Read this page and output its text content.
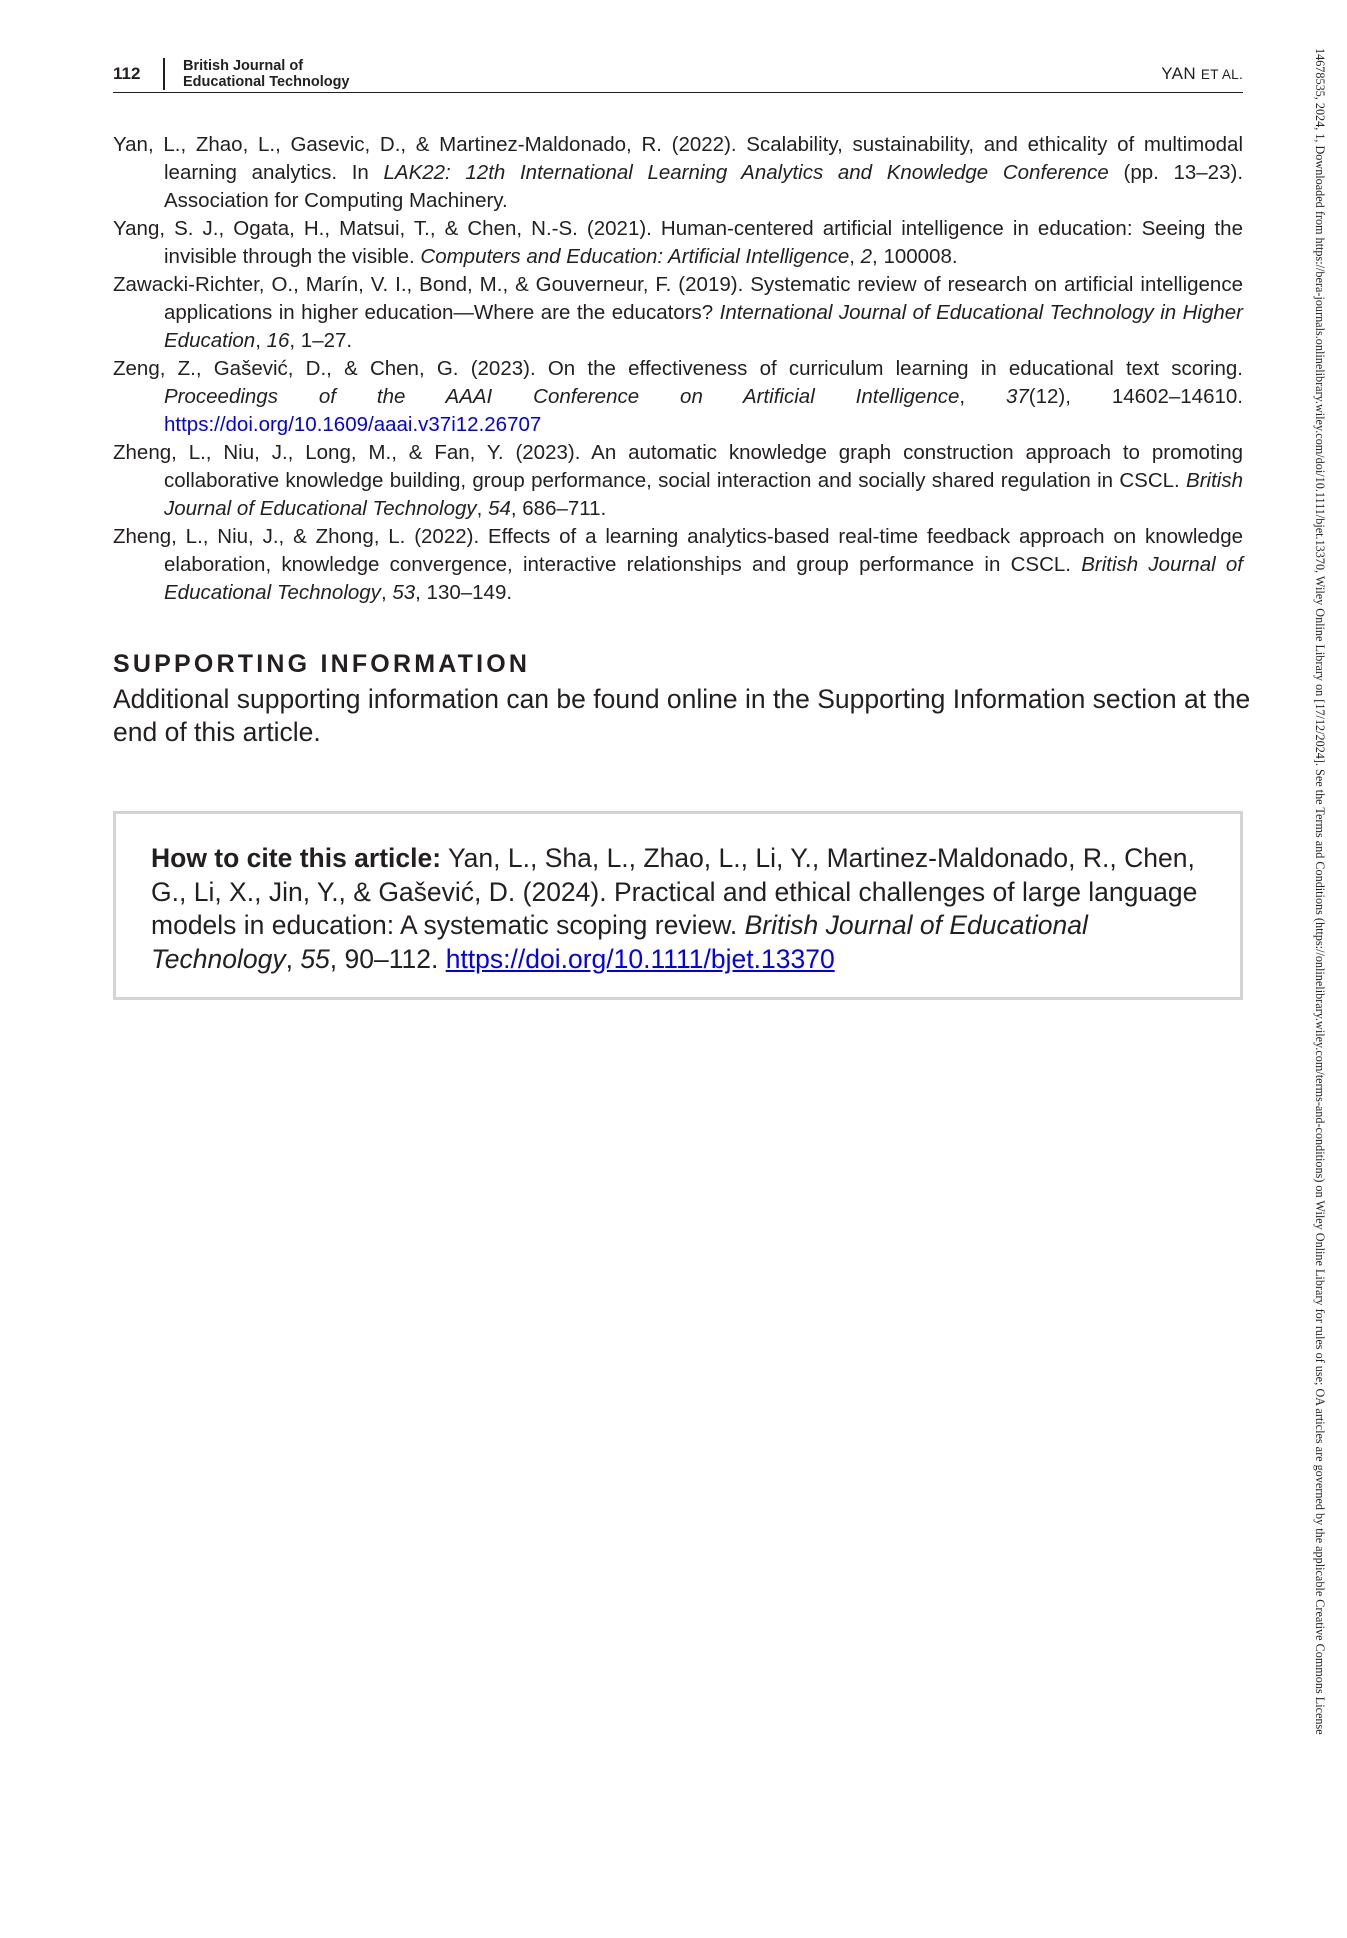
112	British Journal of
Educational Technology	YAN ET AL.

Yan, L., Zhao, L., Gasevic, D., & Martinez-Maldonado, R. (2022). Scalability, sustainability, and ethicality of multimodal learning analytics. In LAK22: 12th International Learning Analytics and Knowledge Conference (pp. 13–23). Association for Computing Machinery.

Yang, S. J., Ogata, H., Matsui, T., & Chen, N.-S. (2021). Human-centered artificial intelligence in education: Seeing the invisible through the visible. Computers and Education: Artificial Intelligence, 2, 100008.

Zawacki-Richter, O., Marín, V. I., Bond, M., & Gouverneur, F. (2019). Systematic review of research on artificial intelligence applications in higher education—Where are the educators? International Journal of Educational Technology in Higher Education, 16, 1–27.

Zeng, Z., Gašević, D., & Chen, G. (2023). On the effectiveness of curriculum learning in educational text scoring. Proceedings of the AAAI Conference on Artificial Intelligence, 37(12), 14602–14610. https://doi.org/10.1609/aaai.v37i12.26707

Zheng, L., Niu, J., Long, M., & Fan, Y. (2023). An automatic knowledge graph construction approach to promoting collaborative knowledge building, group performance, social interaction and socially shared regulation in CSCL. British Journal of Educational Technology, 54, 686–711.

Zheng, L., Niu, J., & Zhong, L. (2022). Effects of a learning analytics-based real-time feedback approach on knowledge elaboration, knowledge convergence, interactive relationships and group performance in CSCL. British Journal of Educational Technology, 53, 130–149.

SUPPORTING INFORMATION
Additional supporting information can be found online in the Supporting Information section at the end of this article.
How to cite this article: Yan, L., Sha, L., Zhao, L., Li, Y., Martinez-Maldonado, R., Chen, G., Li, X., Jin, Y., & Gašević, D. (2024). Practical and ethical challenges of large language models in education: A systematic scoping review. British Journal of Educational Technology, 55, 90–112. https://doi.org/10.1111/bjet.13370	14678535, 2024, 1, Downloaded from https://bera-journals.onlinelibrary.wiley.com/doi/10.1111/bjet.13370, Wiley Online Library on [17/12/2024]. See the Terms and Conditions (https://onlinelibrary.wiley.com/terms-and-conditions) on Wiley Online Library for rules of use; OA articles are governed by the applicable Creative Commons License
